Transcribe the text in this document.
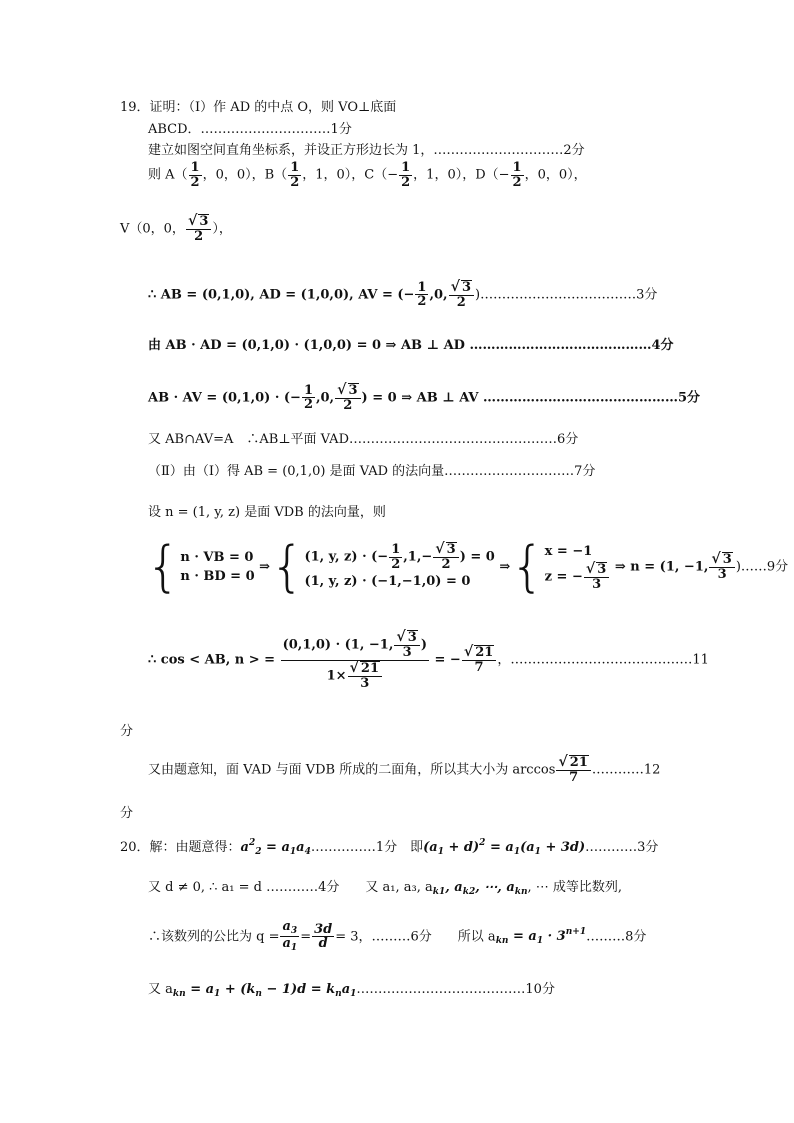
19．证明：（Ⅰ）作 AD 的中点 O，则 VO⊥底面
ABCD．…………………………1分
建立如图空间直角坐标系，并设正方形边长为 1，…………………………2分
则 $A( \frac{1}{2}$ ，0，0），$B( \frac{1}{2}$ ，1，0），$C(- \frac{1}{2}$ ，1，0），$D(- \frac{1}{2}$ ，0，0），
V（0，0， $\frac{√ 3}{2}$ ），
∴ AB = (0,1,0), AD = (1,0,0), AV = (− $\frac{1}{2} ,0$, $\frac{√ 3}{2}$ )………………………………3分
由 AB · AD = (0,1,0) · (1,0,0) = 0 ⇒ AB ⊥ AD ……………………………………4分
AB · AV = (0,1,0) · (− $\frac{1}{2} ,0$, $\frac{√ 3}{2}$ ) = 0 ⇒ AB ⊥ AV ………………………………………5分
又 AB∩AV=A　∴AB⊥平面 VAD…………………………………………6分
（Ⅱ）由（Ⅰ）得 AB = (0,1,0) 是面 VAD 的法向量…………………………7分
设 n = (1, y, z) 是面 VDB 的法向量，则
{ n · VB = 0
n · BD = 0
⇒{ (1, y, z) · (− $\frac{1}{2} ,1,- \frac{√ 3}{2}$ ) = 0
(1, y, z) · (−1,−1,0) = 0
⇒{ x = −1
z = − $\frac{√ 3}{3}$ ⇒ n = (1, −1, $\frac{√ 3}{3}$ )……9分
∴ cos < AB, n > = $\frac{(0,1,0) \cdot (1, -1, \frac{√ 3}{3} )}{1\times \frac{√ 21}{3}}$ = − $\frac{√ 21}{7}$ ，……………………………………11
分
又由题意知，面 VAD 与面 VDB 所成的二面角，所以其大小为 $\arccos \frac{√ 21}{7}$ …………12
分
20．解：由题意得：$a^2_2$ = $a_1a_4\dots\dots\dots\dots\dots 1$分　即$(a_1 + d)^2 = a_1(a_1$ + 3d)…………3分
又 d ≠ 0, ∴ a₁ = d …………4分　　又 a₁, a₃, $a_{k1}$, $a_{k2}$, ⋯, $a_{kn}$, ⋯ 成等比数列,
∴该数列的公比为 $q = \frac{a_3}{a_1} = \frac{3d}{d} = 3$，………6分　　所以 $a_{kn} = a_1$ · $3^{n+1}\dots\dots\dots 8$分
又 $a_{kn} = a_1 + (k_n - 1)d$ = $k_na_1\dots\dots\dots\dots\dots\dots\dots\dots\dots\dots\dots\dots\dots 10$分
